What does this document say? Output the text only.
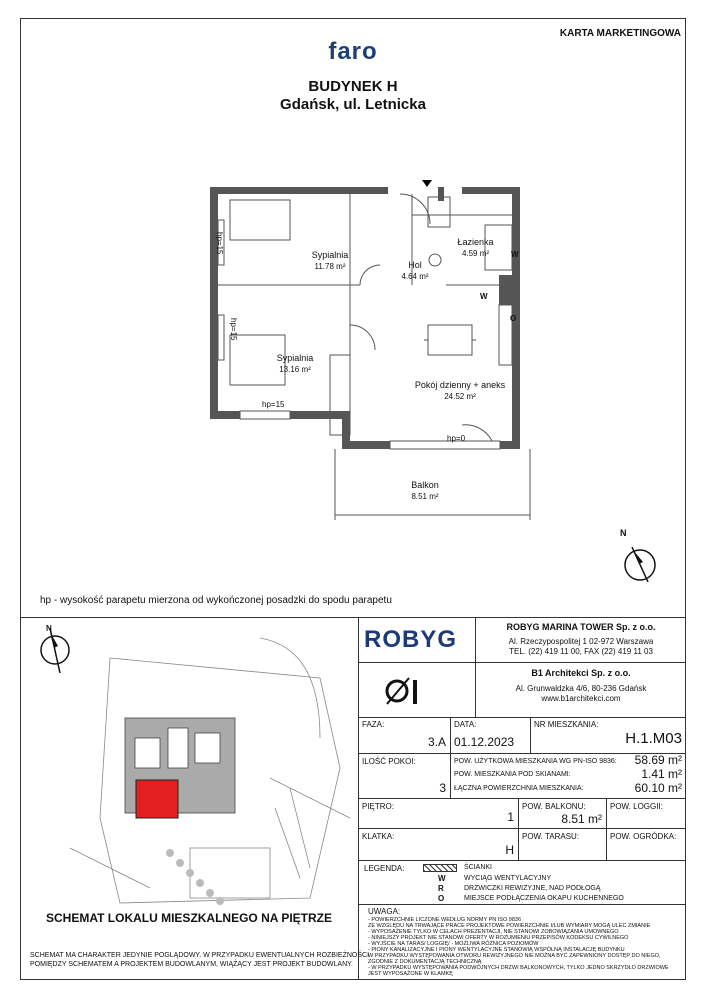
KARTA MARKETINGOWA
faro
BUDYNEK H
Gdańsk, ul. Letnicka
Sypialnia
11.78 m²	Hol
4.64 m²
Łazienka
4.59 m²
Sypialnia
13.16 m²
Pokój dzienny + aneks
24.52 m²
Balkon
8.51 m²
hp=15
hp=15
hp=15
hp=0
W
W
O
N
hp - wysokość parapetu mierzona od wykończonej posadzki do spodu parapetu
N
SCHEMAT LOKALU MIESZKALNEGO NA PIĘTRZE
SCHEMAT MA CHARAKTER JEDYNIE POGLĄDOWY. W PRZYPADKU EWENTUALNYCH ROZBIEŻNOŚCI
POMIĘDZY SCHEMATEM A PROJEKTEM BUDOWLANYM, WIĄŻĄCY JEST PROJEKT BUDOWLANY.
ROBYG	ROBYG MARINA TOWER Sp. z o.o.
Al. Rzeczypospolitej 1 02-972 Warszawa
TEL. (22) 419 11 00, FAX (22) 419 11 03
B1 Architekci Sp. z o.o.
Al. Grunwaldzka 4/6, 80-236 Gdańsk
www.b1architekci.com
FAZA:
3.A
DATA:
01.12.2023
NR MIESZKANIA:
H.1.M03
ILOŚĆ POKOI:
3
POW. UŻYTKOWA MIESZKANIA WG PN-ISO 9836:	58.69 m²
POW. MIESZKANIA POD SKIANAMI:	1.41 m²
ŁĄCZNA POWIERZCHNIA MIESZKANIA:	60.10 m²
PIĘTRO:
1
POW. BALKONU:
8.51 m²
POW. LOGGII:
KLATKA:
H
POW. TARASU:	POW. OGRÓDKA:
LEGENDA:	ŚCIANKI
W	WYCIĄG WENTYLACYJNY
R	DRZWICZKI REWIZYJNE, NAD PODŁOGĄ
O	MIEJSCE PODŁĄCZENIA OKAPU KUCHENNEGO
UWAGA:
- POWIERZCHNIE LICZONE WEDŁUG NORMY PN ISO 9836
ZE WZGLĘDU NA TRWAJĄCE PRACE PROJEKTOWE POWIERZCHNIE I/LUB WYMIARY MOGĄ ULEC ZMIANIE
- WYPOSAŻENIE TYLKO W CELACH PREZENTACJI, NIE STANOWI ZOBOWIĄZANIA UMOWNEGO
- NINIEJSZY PROJEKT NIE STANOWI OFERTY W ROZUMIENIU PRZEPISÓW KODEKSU CYWILNEGO
- WYJŚCIE NA TARAS/ LOGGIĘ/ - MOŻLIWA RÓŻNICA POZIOMÓW
- PIONY KANALIZACYJNE I PIONY WENTYLACYJNE STANOWIĄ WSPÓLNĄ INSTALACJĘ BUDYNKU
W PRZYPADKU WYSTĘPOWANIA OTWORU REWIZYJNEGO NIE MOŻNA BYĆ ZAPEWNIONY DOSTĘP DO NIEGO,
ZGODNIE Z DOKUMENTACJĄ TECHNICZNĄ
- W PRZYPADKU WYSTĘPOWANIA PODWÓJNYCH DRZWI BALKONOWYCH, TYLKO JEDNO SKRZYDŁO DRZWIOWE
JEST WYPOSAŻONE W KLAMKĘ
